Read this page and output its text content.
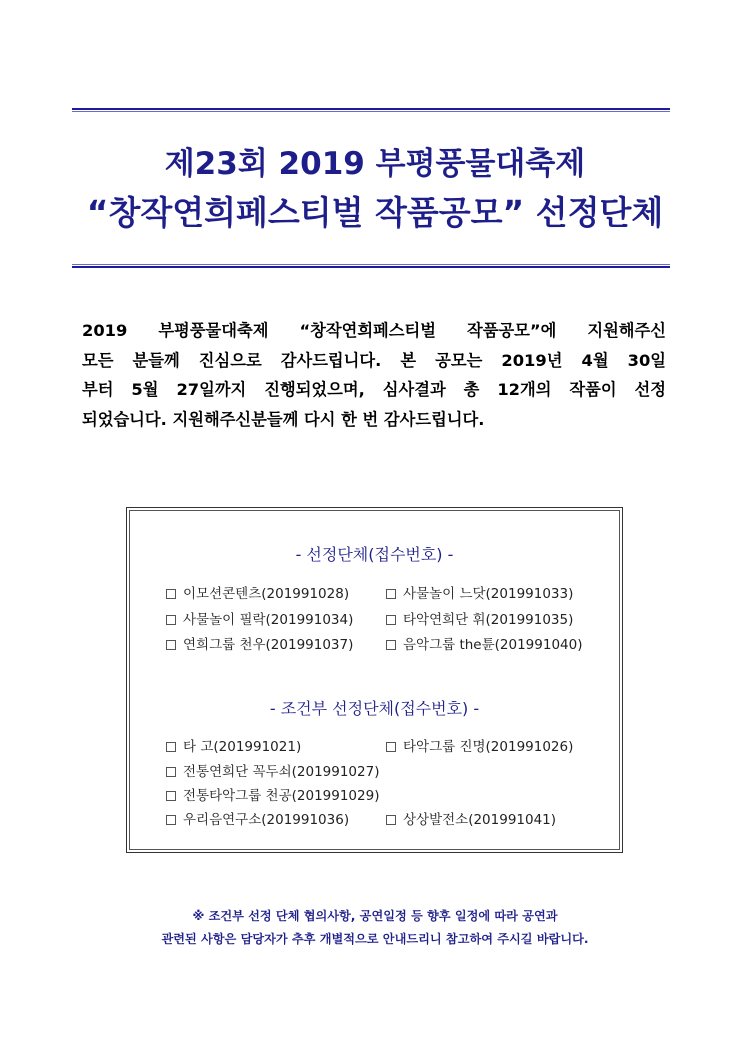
제23회 2019 부평풍물대축제
“창작연희페스티벌 작품공모” 선정단체
2019 부평풍물대축제 “창작연희페스티벌 작품공모”에 지원해주신
모든 분들께 진심으로 감사드립니다. 본 공모는 2019년 4월 30일
부터 5월 27일까지 진행되었으며, 심사결과 총 12개의 작품이 선정
되었습니다. 지원해주신분들께 다시 한 번 감사드립니다.
- 선정단체(접수번호) -
이모션콘텐츠(201991028)	사물놀이 느닷(201991033)
사물놀이 필락(201991034)	타악연희단 휘(201991035)
연희그룹 천우(201991037)	음악그룹 the튠(201991040)
- 조건부 선정단체(접수번호) -
타 고(201991021)	타악그룹 진명(201991026)
전통연희단 꼭두쇠(201991027)
전통타악그룹 천공(201991029)
우리음연구소(201991036)	상상발전소(201991041)
※ 조건부 선정 단체 협의사항, 공연일정 등 향후 일정에 따라 공연과
관련된 사항은 담당자가 추후 개별적으로 안내드리니 참고하여 주시길 바랍니다.
